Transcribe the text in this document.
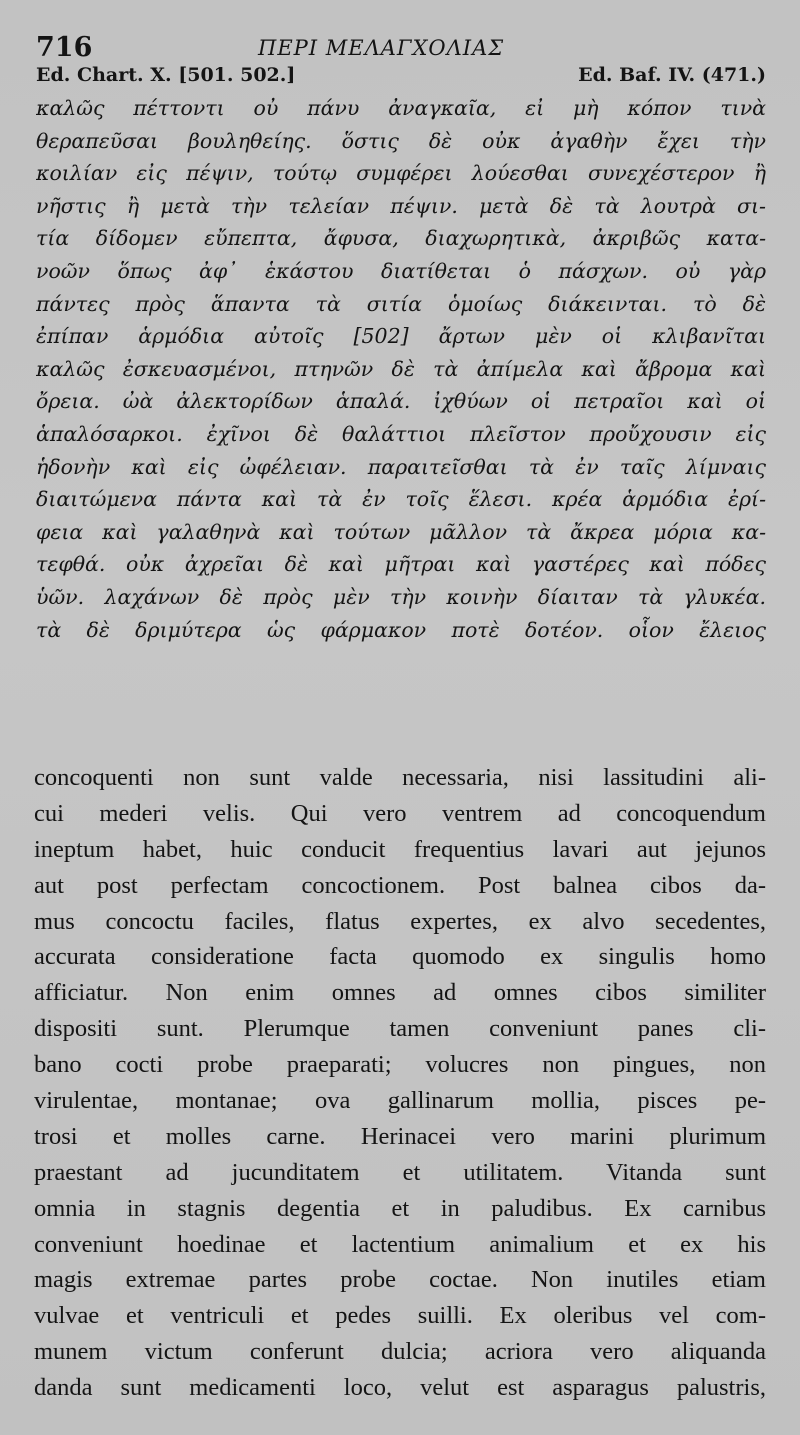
716	ΠΕΡΙ ΜΕΛΑΓΧΟΛΙΑΣ
Ed. Chart. X. [501. 502.]	Ed. Baf. IV. (471.)
καλῶς πέττοντι οὐ πάνυ ἀναγκαῖα, εἰ μὴ κόπον τινὰ
θεραπεῦσαι βουληθείης. ὅστις δὲ οὐκ ἀγαθὴν ἔχει τὴν
κοιλίαν εἰς πέψιν, τούτῳ συμφέρει λούεσθαι συνεχέστερον ἢ
νῆστις ἢ μετὰ τὴν τελείαν πέψιν. μετὰ δὲ τὰ λουτρὰ σι-
τία δίδομεν εὔπεπτα, ἄφυσα, διαχωρητικὰ, ἀκριβῶς κατα-
νοῶν ὅπως ἀφ᾽ ἑκάστου διατίθεται ὁ πάσχων. οὐ γὰρ
πάντες πρὸς ἅπαντα τὰ σιτία ὁμοίως διάκεινται. τὸ δὲ
ἐπίπαν ἁρμόδια αὐτοῖς [502] ἄρτων μὲν οἱ κλιβανῖται
καλῶς ἐσκευασμένοι, πτηνῶν δὲ τὰ ἀπίμελα καὶ ἄβρομα καὶ
ὄρεια. ὠὰ ἀλεκτορίδων ἁπαλά. ἰχθύων οἱ πετραῖοι καὶ οἱ
ἁπαλόσαρκοι. ἐχῖνοι δὲ θαλάττιοι πλεῖστον προὔχουσιν εἰς
ἡδονὴν καὶ εἰς ὠφέλειαν. παραιτεῖσθαι τὰ ἐν ταῖς λίμναις
διαιτώμενα πάντα καὶ τὰ ἐν τοῖς ἕλεσι. κρέα ἁρμόδια ἐρί-
φεια καὶ γαλαθηνὰ καὶ τούτων μᾶλλον τὰ ἄκρεα μόρια κα-
τεφθά. οὐκ ἀχρεῖαι δὲ καὶ μῆτραι καὶ γαστέρες καὶ πόδες
ὑῶν. λαχάνων δὲ πρὸς μὲν τὴν κοινὴν δίαιταν τὰ γλυκέα.
τὰ δὲ δριμύτερα ὡς φάρμακον ποτὲ δοτέον. οἷον ἔλειος
concoquenti non sunt valde necessaria, nisi lassitudini ali-
cui mederi velis. Qui vero ventrem ad concoquendum
ineptum habet, huic conducit frequentius lavari aut jejunos
aut post perfectam concoctionem. Post balnea cibos da-
mus concoctu faciles, flatus expertes, ex alvo secedentes,
accurata consideratione facta quomodo ex singulis homo
afficiatur. Non enim omnes ad omnes cibos similiter
dispositi sunt. Plerumque tamen conveniunt panes cli-
bano cocti probe praeparati; volucres non pingues, non
virulentae, montanae; ova gallinarum mollia, pisces pe-
trosi et molles carne. Herinacei vero marini plurimum
praestant ad jucunditatem et utilitatem. Vitanda sunt
omnia in stagnis degentia et in paludibus. Ex carnibus
conveniunt hoedinae et lactentium animalium et ex his
magis extremae partes probe coctae. Non inutiles etiam
vulvae et ventriculi et pedes suilli. Ex oleribus vel com-
munem victum conferunt dulcia; acriora vero aliquanda
danda sunt medicamenti loco, velut est asparagus palustris,
